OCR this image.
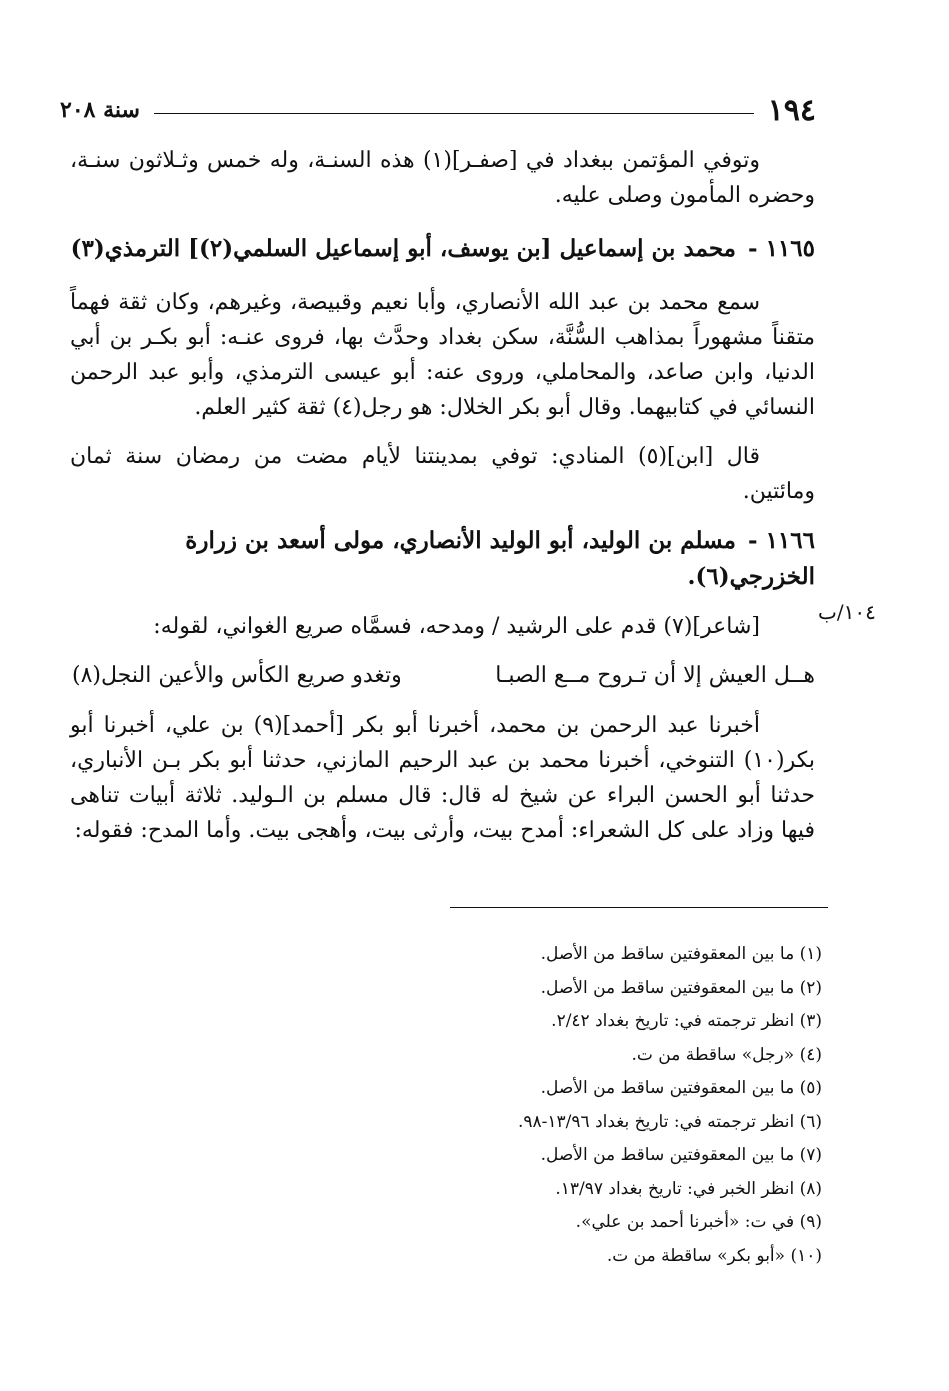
سنة ٢٠٨	١٩٤
١٠٤/ب

وتوفي المؤتمن ببغداد في [صفـر](١) هذه السنـة، وله خمس وثـلاثون سنـة، وحضره المأمون وصلى عليه.

١١٦٥ - محمد بن إسماعيل [بن يوسف، أبو إسماعيل السلمي(٢)] الترمذي(٣)

سمع محمد بن عبد الله الأنصاري، وأبا نعيم وقبيصة، وغيرهم، وكان ثقة فهماً متقناً مشهوراً بمذاهب السُّنَّة، سكن بغداد وحدَّث بها، فروى عنـه: أبو بكـر بن أبي الدنيا، وابن صاعد، والمحاملي، وروى عنه: أبو عيسى الترمذي، وأبو عبد الرحمن النسائي في كتابيهما. وقال أبو بكر الخلال: هو رجل(٤) ثقة كثير العلم.

قال [ابن](٥) المنادي: توفي بمدينتنا لأيام مضت من رمضان سنة ثمان ومائتين.

١١٦٦ - مسلم بن الوليد، أبو الوليد الأنصاري، مولى أسعد بن زرارة الخزرجي(٦).

[شاعر](٧) قدم على الرشيد / ومدحه، فسمَّاه صريع الغواني، لقوله:

هــل العيش إلا أن تـروح مــع الصبـا
وتغدو صريع الكأس والأعين النجل(٨)

أخبرنا عبد الرحمن بن محمد، أخبرنا أبو بكر [أحمد](٩) بن علي، أخبرنا أبو بكر(١٠) التنوخي، أخبرنا محمد بن عبد الرحيم المازني، حدثنا أبو بكر بـن الأنباري، حدثنا أبو الحسن البراء عن شيخ له قال: قال مسلم بن الـوليد. ثلاثة أبيات تناهى فيها وزاد على كل الشعراء: أمدح بيت، وأرثى بيت، وأهجى بيت. وأما المدح: فقوله:

(١) ما بين المعقوفتين ساقط من الأصل.
(٢) ما بين المعقوفتين ساقط من الأصل.
(٣) انظر ترجمته في: تاريخ بغداد ٢/٤٢.
(٤) «رجل» ساقطة من ت.
(٥) ما بين المعقوفتين ساقط من الأصل.
(٦) انظر ترجمته في: تاريخ بغداد ١٣/٩٦-٩٨.
(٧) ما بين المعقوفتين ساقط من الأصل.
(٨) انظر الخبر في: تاريخ بغداد ١٣/٩٧.
(٩) في ت: «أخبرنا أحمد بن علي».
(١٠) «أبو بكر» ساقطة من ت.
